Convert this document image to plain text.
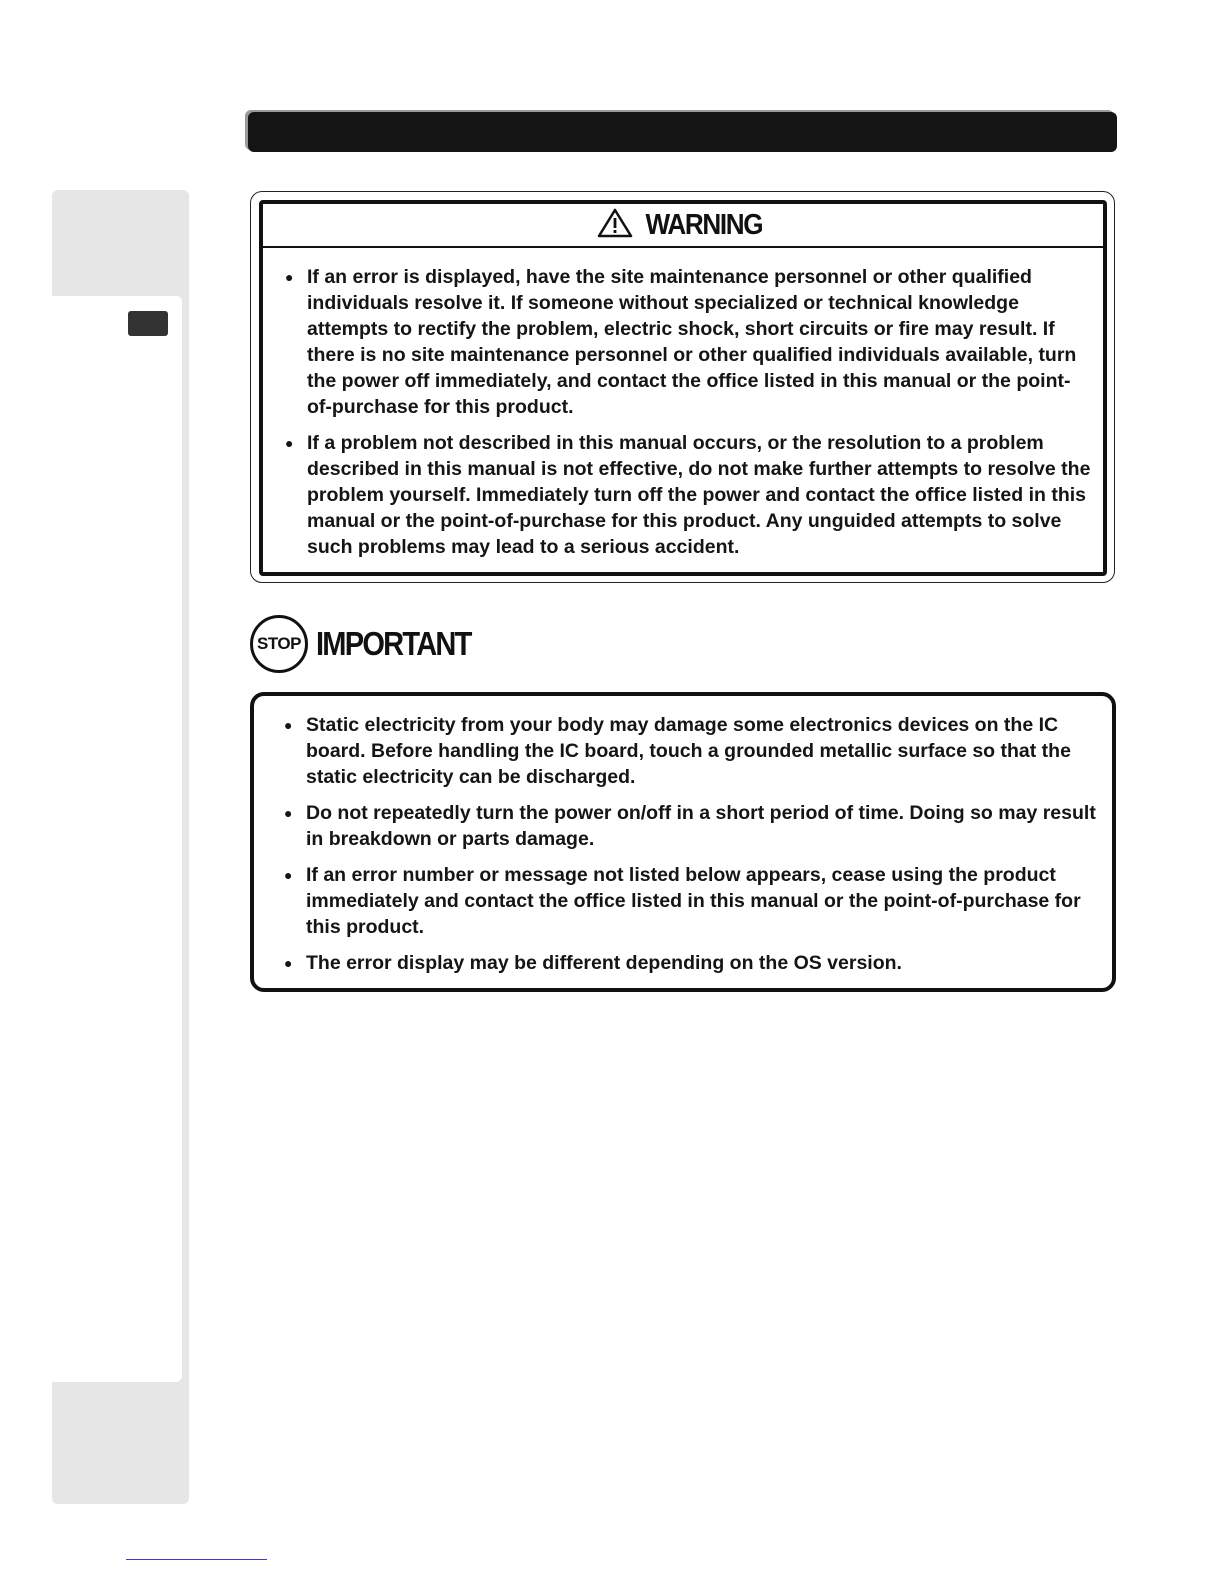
WARNING
● If an error is displayed, have the site maintenance personnel or other qualified individuals resolve it. If someone without specialized or technical knowledge attempts to rectify the problem, electric shock, short circuits or fire may result. If there is no site maintenance personnel or other qualified individuals available, turn the power off immediately, and contact the office listed in this manual or the point-of-purchase for this product.
● If a problem not described in this manual occurs, or the resolution to a problem described in this manual is not effective, do not make further attempts to resolve the problem yourself. Immediately turn off the power and contact the office listed in this manual or the point-of-purchase for this product. Any unguided attempts to solve such problems may lead to a serious accident.
STOP IMPORTANT
● Static electricity from your body may damage some electronics devices on the IC board. Before handling the IC board, touch a grounded metallic surface so that the static electricity can be discharged.
● Do not repeatedly turn the power on/off in a short period of time. Doing so may result in breakdown or parts damage.
● If an error number or message not listed below appears, cease using the product immediately and contact the office listed in this manual or the point-of-purchase for this product.
● The error display may be different depending on the OS version.
